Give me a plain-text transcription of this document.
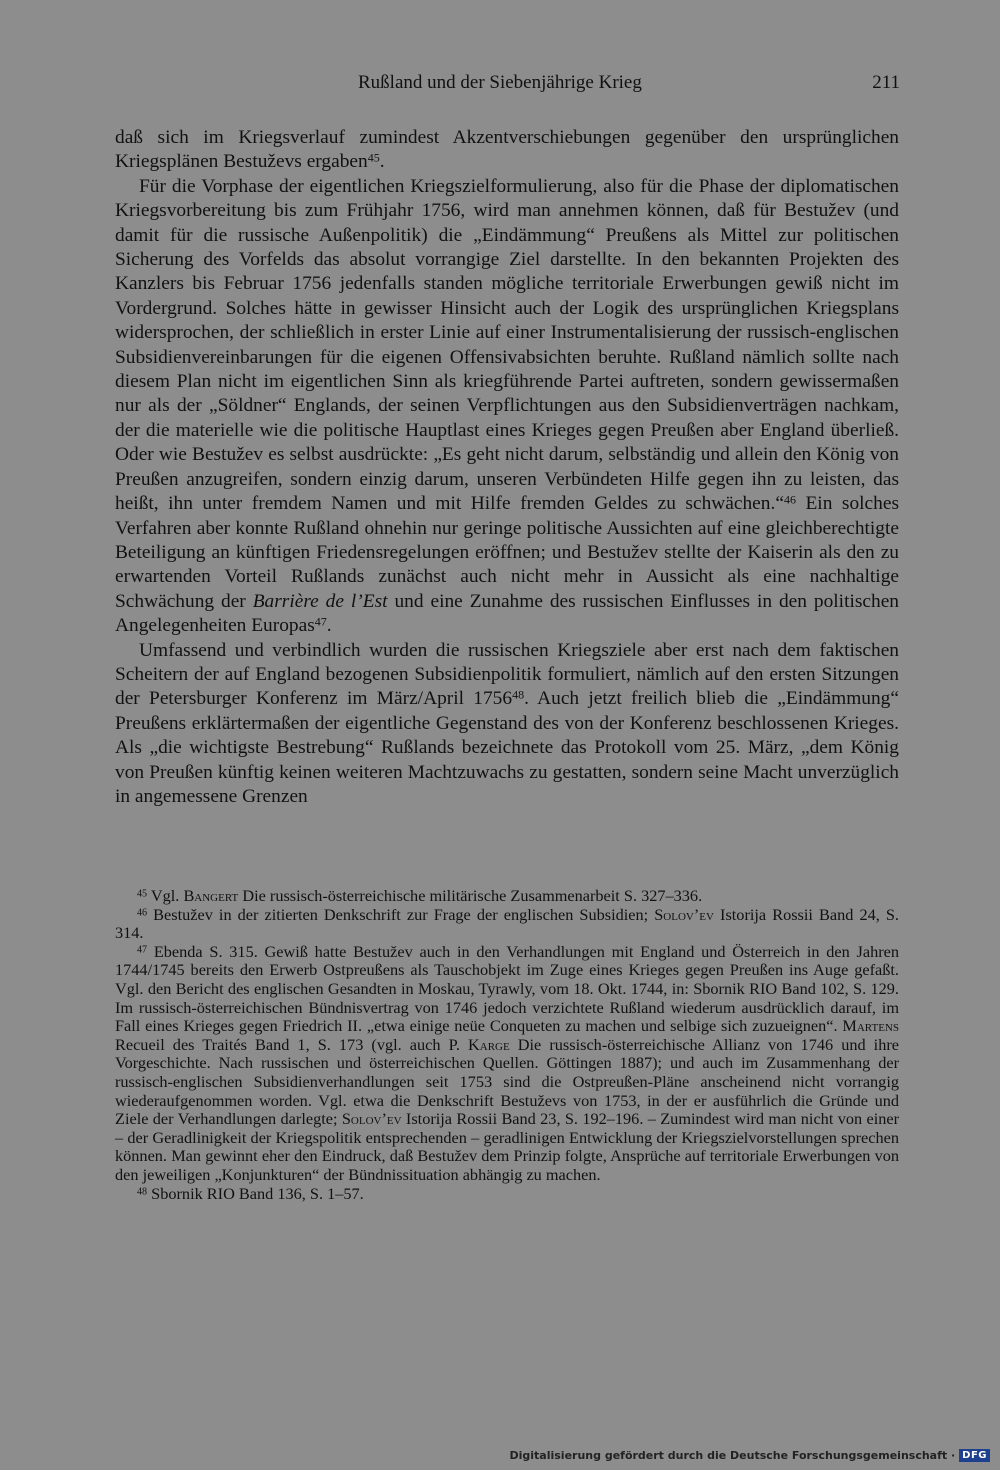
Rußland und der Siebenjährige Krieg	211

daß sich im Kriegsverlauf zumindest Akzentverschiebungen gegenüber den ursprünglichen Kriegsplänen Bestuževs ergaben$^{45}$.

Für die Vorphase der eigentlichen Kriegszielformulierung, also für die Phase der diplomatischen Kriegsvorbereitung bis zum Frühjahr 1756, wird man annehmen können, daß für Bestužev (und damit für die russische Außenpolitik) die „Eindämmung“ Preußens als Mittel zur politischen Sicherung des Vorfelds das absolut vorrangige Ziel darstellte. In den bekannten Projekten des Kanzlers bis Februar 1756 jedenfalls standen mögliche territoriale Erwerbungen gewiß nicht im Vordergrund. Solches hätte in gewisser Hinsicht auch der Logik des ursprünglichen Kriegsplans widersprochen, der schließlich in erster Linie auf einer Instrumentalisierung der russisch-englischen Subsidienvereinbarungen für die eigenen Offensivabsichten beruhte. Rußland nämlich sollte nach diesem Plan nicht im eigentlichen Sinn als kriegführende Partei auftreten, sondern gewissermaßen nur als der „Söldner“ Englands, der seinen Verpflichtungen aus den Subsidienverträgen nachkam, der die materielle wie die politische Hauptlast eines Krieges gegen Preußen aber England überließ. Oder wie Bestužev es selbst ausdrückte: „Es geht nicht darum, selbständig und allein den König von Preußen anzugreifen, sondern einzig darum, unseren Verbündeten Hilfe gegen ihn zu leisten, das heißt, ihn unter fremdem Namen und mit Hilfe fremden Geldes zu schwächen.“$^{46}$ Ein solches Verfahren aber konnte Rußland ohnehin nur geringe politische Aussichten auf eine gleichberechtigte Beteiligung an künftigen Friedensregelungen eröffnen; und Bestužev stellte der Kaiserin als den zu erwartenden Vorteil Rußlands zunächst auch nicht mehr in Aussicht als eine nachhaltige Schwächung der Barrière de l’Est und eine Zunahme des russischen Einflusses in den politischen Angelegenheiten Europas$^{47}$.

Umfassend und verbindlich wurden die russischen Kriegsziele aber erst nach dem faktischen Scheitern der auf England bezogenen Subsidienpolitik formuliert, nämlich auf den ersten Sitzungen der Petersburger Konferenz im März/April 1756$^{48}$. Auch jetzt freilich blieb die „Eindämmung“ Preußens erklärtermaßen der eigentliche Gegenstand des von der Konferenz beschlossenen Krieges. Als „die wichtigste Bestrebung“ Rußlands bezeichnete das Protokoll vom 25. März, „dem König von Preußen künftig keinen weiteren Machtzuwachs zu gestatten, sondern seine Macht unverzüglich in angemessene Grenzen

$^{45}$ Vgl. Bangert Die russisch-österreichische militärische Zusammenarbeit S. 327–336.

$^{46}$ Bestužev in der zitierten Denkschrift zur Frage der englischen Subsidien; Solov’ev Istorija Rossii Band 24, S. 314.

$^{47}$ Ebenda S. 315. Gewiß hatte Bestužev auch in den Verhandlungen mit England und Österreich in den Jahren 1744/1745 bereits den Erwerb Ostpreußens als Tauschobjekt im Zuge eines Krieges gegen Preußen ins Auge gefaßt. Vgl. den Bericht des englischen Gesandten in Moskau, Tyrawly, vom 18. Okt. 1744, in: Sbornik RIO Band 102, S. 129. Im russisch-österreichischen Bündnisvertrag von 1746 jedoch verzichtete Rußland wiederum ausdrücklich darauf, im Fall eines Krieges gegen Friedrich II. „etwa einige neüe Conqueten zu machen und selbige sich zuzueignen“. Martens Recueil des Traités Band 1, S. 173 (vgl. auch P. Karge Die russisch-österreichische Allianz von 1746 und ihre Vorgeschichte. Nach russischen und österreichischen Quellen. Göttingen 1887); und auch im Zusammenhang der russisch-englischen Subsidienverhandlungen seit 1753 sind die Ostpreußen-Pläne anscheinend nicht vorrangig wiederaufgenommen worden. Vgl. etwa die Denkschrift Bestuževs von 1753, in der er ausführlich die Gründe und Ziele der Verhandlungen darlegte; Solov’ev Istorija Rossii Band 23, S. 192–196. – Zumindest wird man nicht von einer – der Geradlinigkeit der Kriegspolitik entsprechenden – geradlinigen Entwicklung der Kriegszielvorstellungen sprechen können. Man gewinnt eher den Eindruck, daß Bestužev dem Prinzip folgte, Ansprüche auf territoriale Erwerbungen von den jeweiligen „Konjunkturen“ der Bündnissituation abhängig zu machen.

$^{48}$ Sbornik RIO Band 136, S. 1–57.

Digitalisierung gefördert durch die Deutsche Forschungsgemeinschaft · DFG
